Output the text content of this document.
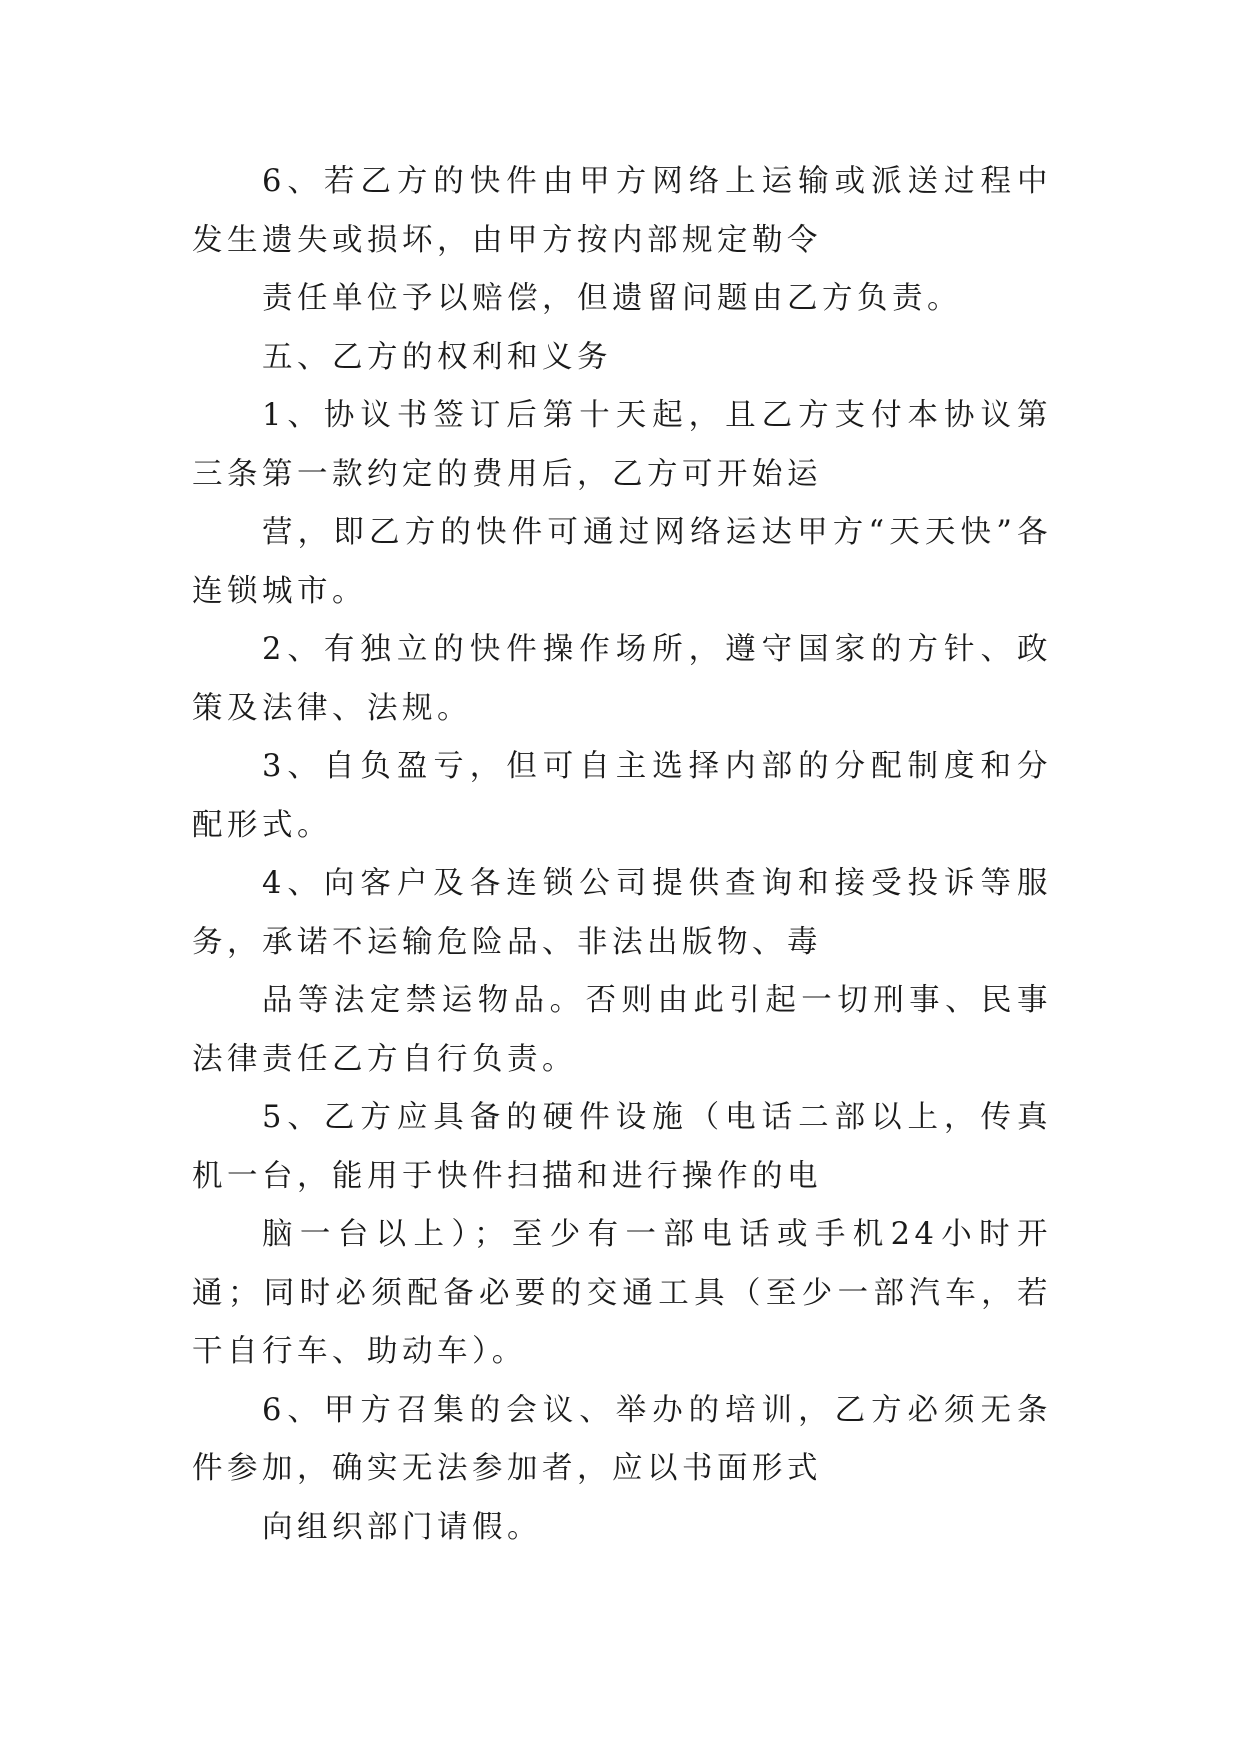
6、若乙方的快件由甲方网络上运输或派送过程中发生遗失或损坏，由甲方按内部规定勒令

责任单位予以赔偿，但遗留问题由乙方负责。

五、乙方的权利和义务

1、协议书签订后第十天起，且乙方支付本协议第三条第一款约定的费用后，乙方可开始运

营，即乙方的快件可通过网络运达甲方“天天快”各连锁城市。

2、有独立的快件操作场所，遵守国家的方针、政策及法律、法规。

3、自负盈亏，但可自主选择内部的分配制度和分配形式。

4、向客户及各连锁公司提供查询和接受投诉等服务，承诺不运输危险品、非法出版物、毒

品等法定禁运物品。否则由此引起一切刑事、民事法律责任乙方自行负责。

5、乙方应具备的硬件设施（电话二部以上，传真机一台，能用于快件扫描和进行操作的电

脑一台以上）；至少有一部电话或手机24小时开通；同时必须配备必要的交通工具（至少一部汽车，若干自行车、助动车）。

6、甲方召集的会议、举办的培训，乙方必须无条件参加，确实无法参加者，应以书面形式

向组织部门请假。
